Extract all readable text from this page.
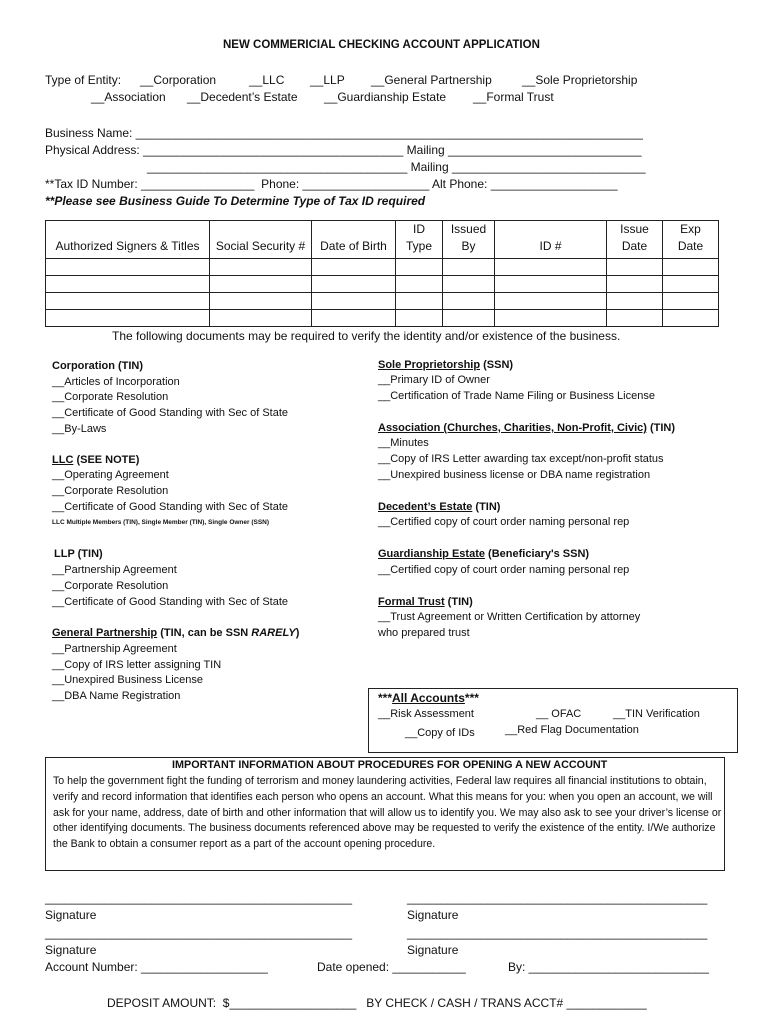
NEW COMMERICIAL CHECKING ACCOUNT APPLICATION
Type of Entity: __Corporation	__LLC __LLP __General Partnership	__Sole Proprietorship
__Association __Decedent’s Estate __Guardianship Estate __Formal Trust
Business Name: ____________________________________________________________________________
Physical Address: _______________________________________ Mailing _____________________________
_______________________________________ Mailing _____________________________
**Tax ID Number: _________________  Phone: ___________________ Alt Phone: ___________________
**Please see Business Guide To Determine Type of Tax ID required
Authorized Signers & Titles	Social Security #	Date of Birth	ID Type	Issued By	ID #	Issue Date	Exp Date

The following documents may be required to verify the identity and/or existence of the business.
Corporation (TIN)
__Articles of Incorporation
__Corporate Resolution
__Certificate of Good Standing with Sec of State
__By-Laws
LLC (SEE NOTE)
__Operating Agreement
__Corporate Resolution
__Certificate of Good Standing with Sec of State
LLC Multiple Members (TIN), Single Member (TIN), Single Owner (SSN)
LLP (TIN)
__Partnership Agreement
__Corporate Resolution
__Certificate of Good Standing with Sec of State
General Partnership (TIN, can be SSN RARELY)
__Partnership Agreement
__Copy of IRS letter assigning TIN
__Unexpired Business License
__DBA Name Registration
Sole Proprietorship (SSN)
__Primary ID of Owner
__Certification of Trade Name Filing or Business License
Association (Churches, Charities, Non-Profit, Civic) (TIN)
__Minutes
__Copy of IRS Letter awarding tax except/non-profit status
__Unexpired business license or DBA name registration
Decedent’s Estate (TIN)
__Certified copy of court order naming personal rep
Guardianship Estate (Beneficiary's SSN)
__Certified copy of court order naming personal rep
Formal Trust (TIN)
__Trust Agreement or Written Certification by attorney
who prepared trust
***All Accounts***
__Risk Assessment	__ OFAC	__TIN Verification
__Copy of IDs	__Red Flag Documentation
IMPORTANT INFORMATION ABOUT PROCEDURES FOR OPENING A NEW ACCOUNT
To help the government fight the funding of terrorism and money laundering activities, Federal law requires all financial institutions to obtain, verify and record information that identifies each person who opens an account. What this means for you: when you open an account, we will ask for your name, address, date of birth and other information that will allow us to identify you. We may also ask to see your driver’s license or other identifying documents. The business documents referenced above may be requested to verify the existence of the entity. I/We authorize the Bank to obtain a consumer report as a part of the account opening procedure.
______________________________________________	_____________________________________________
Signature	Signature
______________________________________________	_____________________________________________
Signature	Signature
Account Number: ___________________	Date opened: ___________	By: ___________________________
DEPOSIT AMOUNT:  $___________________   BY CHECK / CASH / TRANS ACCT# ____________
